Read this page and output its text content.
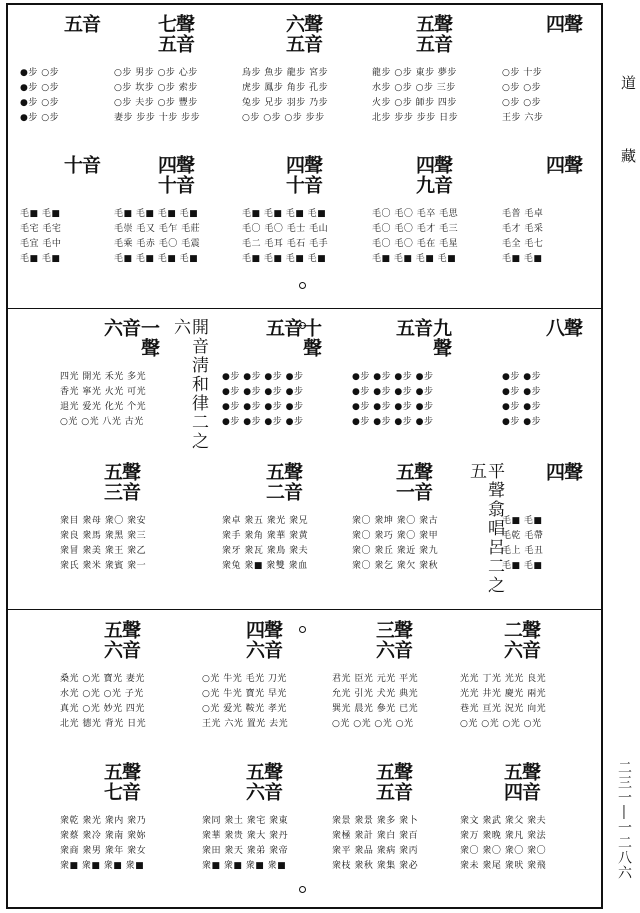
開音淸和律二之六
平聲翕唱呂二之五
道
藏
二三一―一二八六
五
音
●步 ○步
●步 ○步
●步 ○步
●步 ○步
七五
聲音
○步 男步 ○步 心步
○步 坎步 ○步 索步
○步 夫步 ○步 豐步
妻步 步步 十步 步步
六五
聲音
烏步 魚步 龍步 宮步
虎步 鳳步 角步 孔步
兔步 兄步 羽步 乃步
○步 ○步 ○步 步步
五五
聲音
龍步 ○步 東步 夢步
水步 ○步 ○步 三步
火步 ○步 師步 四步
北步 步步 步步 日步
四
聲
○步 十步
○步 ○步
○步 ○步
王步 六步
十
音
毛■ 毛■
毛宅 毛宅
毛宜 毛中
毛■ 毛■
四十
聲音
毛■ 毛■ 毛■ 毛■
毛崇 毛又 毛乍 毛莊
毛乘 毛赤 毛〇 毛震
毛■ 毛■ 毛■ 毛■
四十
聲音
毛■ 毛■ 毛■ 毛■
毛〇 毛〇 毛士 毛山
毛二 毛耳 毛石 毛手
毛■ 毛■ 毛■ 毛■
四九
聲音
毛〇 毛〇 毛卒 毛思
毛〇 毛〇 毛才 毛三
毛〇 毛〇 毛在 毛星
毛■ 毛■ 毛■ 毛■
四
聲
毛普 毛卓
毛才 毛采
毛全 毛七
毛■ 毛■
六 一聲音
四光 開光 禾光 多光
香光 寧光 火光 可光
退光 爱光 化光 个光
○光 ○光 八光 古光
五 十聲音
●步 ●步 ●步 ●步
●步 ●步 ●步 ●步
●步 ●步 ●步 ●步
●步 ●步 ●步 ●步
五 九聲音
●步 ●步 ●步 ●步
●步 ●步 ●步 ●步
●步 ●步 ●步 ●步
●步 ●步 ●步 ●步
八
聲
●步 ●步
●步 ●步
●步 ●步
●步 ●步
五三
聲音
衆目 衆母 衆〇 衆安
衆良 衆馬 衆黑 衆三
衆冒 衆美 衆王 衆乙
衆氏 衆米 衆賓 衆一
五二
聲音
衆卓 衆五 衆光 衆兄
衆手 衆角 衆華 衆黄
衆牙 衆瓦 衆鳥 衆夫
衆兔 衆■ 衆雙 衆血
五一
聲音
衆〇 衆坤 衆〇 衆古
衆〇 衆巧 衆〇 衆甲
衆〇 衆丘 衆近 衆九
衆〇 衆乞 衆欠 衆秋
四
聲
毛■ 毛■
毛乾 毛帶
毛上 毛丑
毛■ 毛■
五六
聲音
桑光 ○光 寶光 妻光
水光 ○光 ○光 子光
真光 ○光 妙光 四光
北光 德光 背光 日光
四六
聲音
○光 牛光 毛光 刀光
○光 牛光 寶光 早光
○光 爱光 鞍光 孝光
王光 六光 置光 去光
三六
聲音
君光 臣光 元光 平光
允光 引光 犬光 典光
巽光 晨光 參光 已光
○光 ○光 ○光 ○光
二六
聲音
光光 丁光 光光 良光
光光 井光 慶光 兩光
巷光 亘光 況光 向光
○光 ○光 ○光 ○光
五七
聲音
衆乾 衆光 衆内 衆乃
衆蔡 衆冷 衆南 衆妳
衆商 衆男 衆年 衆女
衆■ 衆■ 衆■ 衆■
五六
聲音
衆同 衆土 衆宅 衆東
衆華 衆贵 衆大 衆丹
衆田 衆天 衆弟 衆帝
衆■ 衆■ 衆■ 衆■
五五
聲音
衆景 衆景 衆多 衆卜
衆極 衆計 衆白 衆百
衆平 衆品 衆病 衆丙
衆枝 衆秋 衆集 衆必
五四
聲音
衆文 衆武 衆父 衆夫
衆万 衆晚 衆凡 衆法
衆〇 衆〇 衆〇 衆〇
衆未 衆尾 衆吠 衆飛
